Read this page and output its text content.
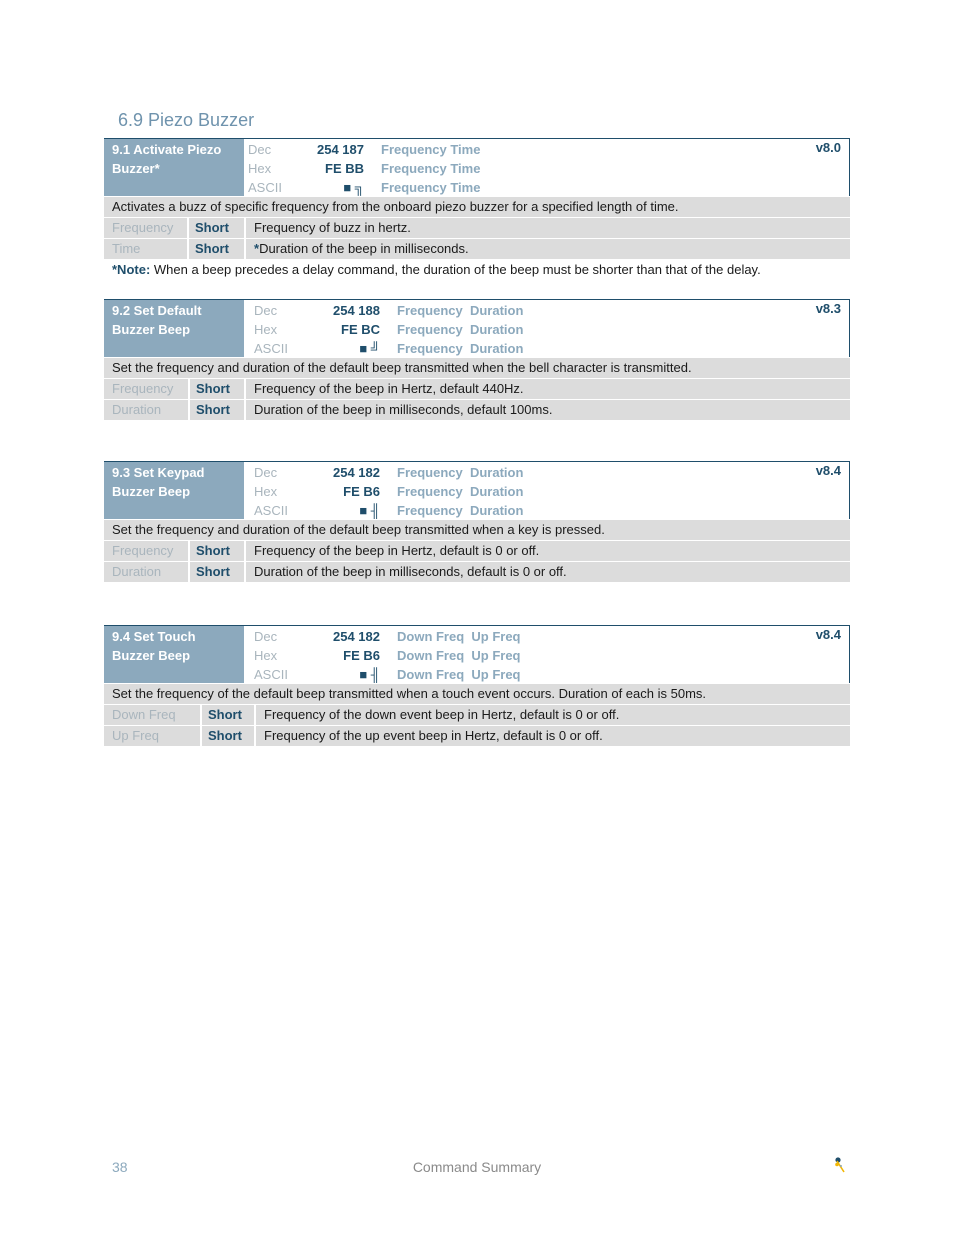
6.9 Piezo Buzzer
9.1 Activate Piezo
Buzzer*
Dec	254 187 Frequency Time
Hex	FE BB Frequency Time
ASCII	■ ╗ Frequency Time
v8.0
Activates a buzz of specific frequency from the onboard piezo buzzer for a specified length of time.
Frequency	Short	Frequency of buzz in hertz.
Time	Short	*Duration of the beep in milliseconds.
*Note: When a beep precedes a delay command, the duration of the beep must be shorter than that of the delay.
9.2 Set Default
Buzzer Beep
Dec	254 188 Frequency  Duration
Hex	FE BC Frequency  Duration
ASCII	■ ╝ Frequency  Duration
v8.3
Set the frequency and duration of the default beep transmitted when the bell character is transmitted.
Frequency	Short	Frequency of the beep in Hertz, default 440Hz.
Duration	Short	Duration of the beep in milliseconds, default 100ms.
9.3 Set Keypad
Buzzer Beep
Dec	254 182 Frequency  Duration
Hex	FE B6 Frequency  Duration
ASCII	■ ╢ Frequency  Duration
v8.4
Set the frequency and duration of the default beep transmitted when a key is pressed.
Frequency	Short	Frequency of the beep in Hertz, default is 0 or off.
Duration	Short	Duration of the beep in milliseconds, default is 0 or off.
9.4 Set Touch
Buzzer Beep
Dec	254 182 Down Freq  Up Freq
Hex	FE B6 Down Freq  Up Freq
ASCII	■ ╢ Down Freq  Up Freq
v8.4
Set the frequency of the default beep transmitted when a touch event occurs. Duration of each is 50ms.
Down Freq	Short	Frequency of the down event beep in Hertz, default is 0 or off.
Up Freq	Short	Frequency of the up event beep in Hertz, default is 0 or off.
38	Command Summary
